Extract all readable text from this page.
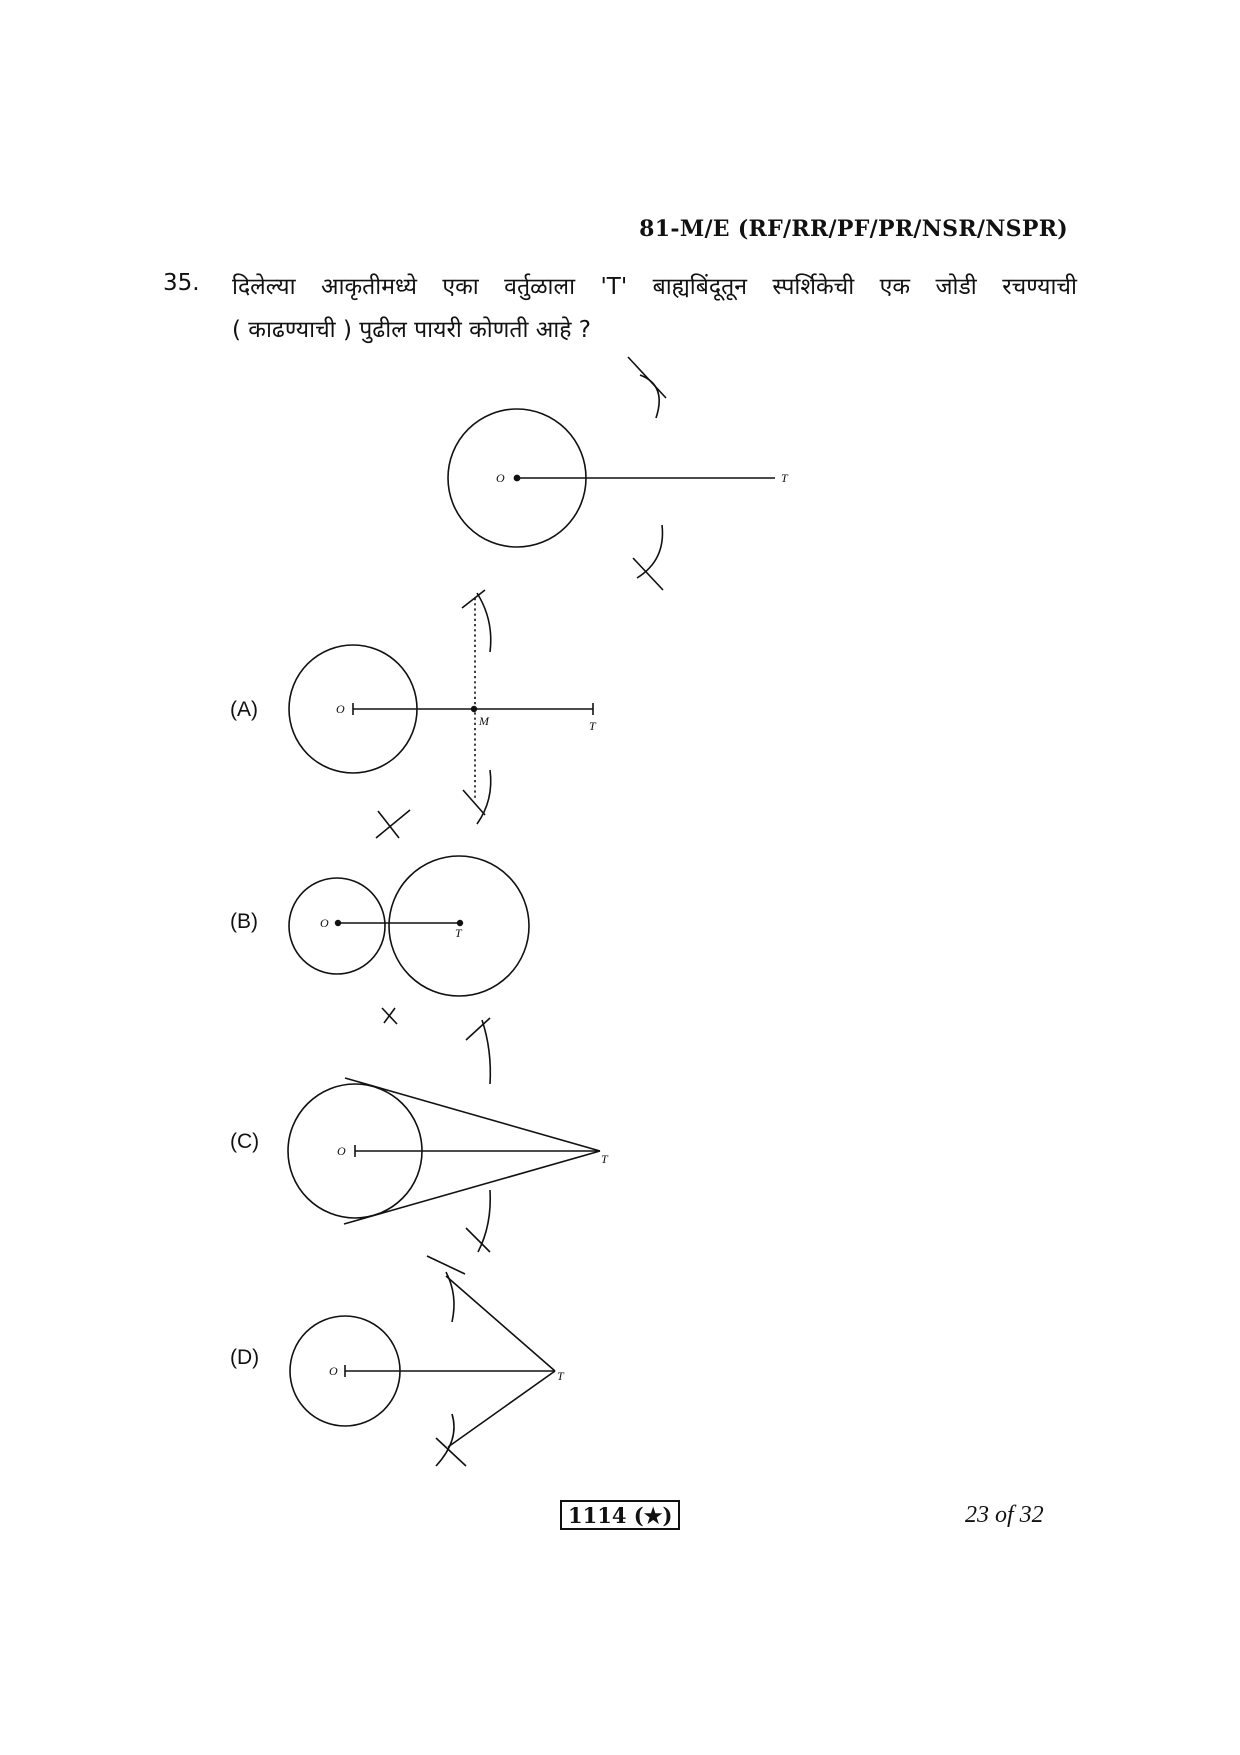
81-M/E (RF/RR/PF/PR/NSR/NSPR)
35. दिलेल्या आकृतीमध्ये एका वर्तुळाला 'T' बाह्यबिंदूतून स्पर्शिकेची एक जोडी रचण्याची
( काढण्याची ) पुढील पायरी कोणती आहे ?
O	T
O
M	T
O
T
O
T
O	T
(A)
(B)
(C)
(D)
1114 (★)	23 of 32
